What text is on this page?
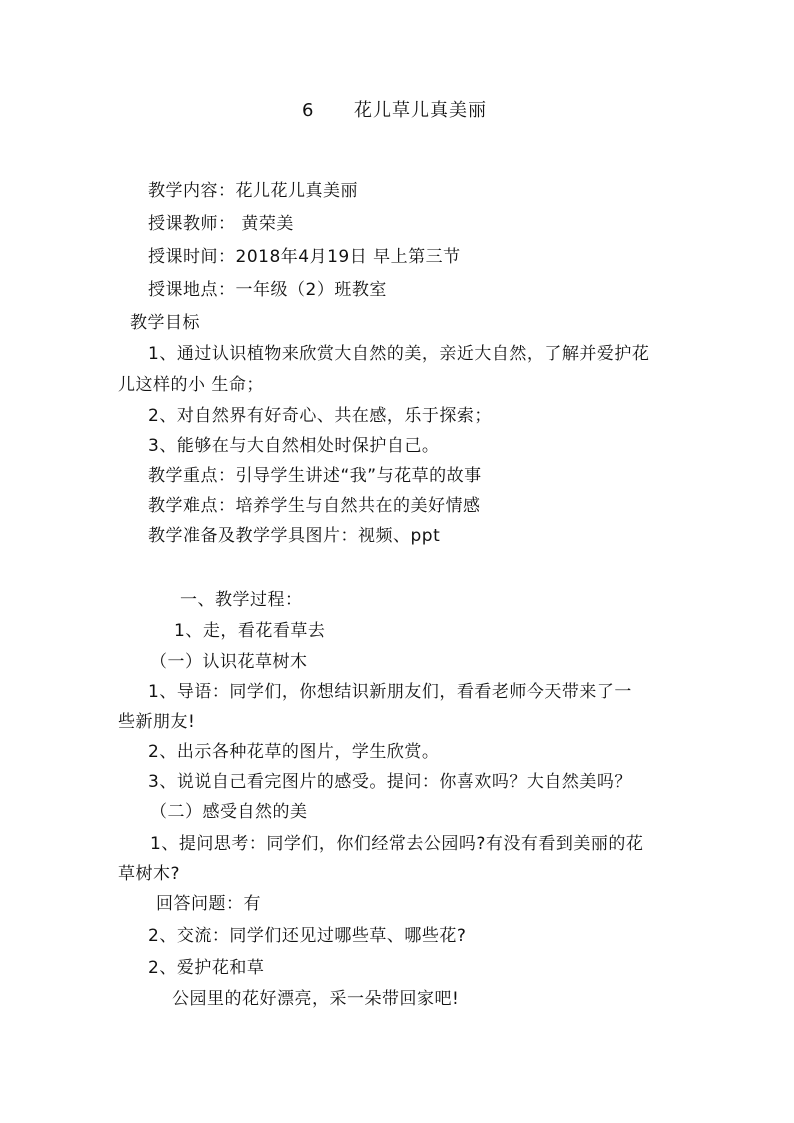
6 花儿草儿真美丽
教学内容：花儿花儿真美丽
授课教师： 黄荣美
授课时间：2018年4月19日 早上第三节
授课地点：一年级（2）班教室
教学目标
1、通过认识植物来欣赏大自然的美，亲近大自然，了解并爱护花
儿这样的小 生命；
2、对自然界有好奇心、共在感，乐于探索；
3、能够在与大自然相处时保护自己。
教学重点：引导学生讲述“我”与花草的故事
教学难点：培养学生与自然共在的美好情感
教学准备及教学学具图片：视频、ppt
一、教学过程：
1、走，看花看草去
（一）认识花草树木
1、导语：同学们，你想结识新朋友们，看看老师今天带来了一
些新朋友!
2、出示各种花草的图片，学生欣赏。
3、说说自己看完图片的感受。提问：你喜欢吗？大自然美吗？
（二）感受自然的美
1、提问思考：同学们，你们经常去公园吗?有没有看到美丽的花
草树木?
回答问题：有
2、交流：同学们还见过哪些草、哪些花?
2、爱护花和草
公园里的花好漂亮，采一朵带回家吧!
